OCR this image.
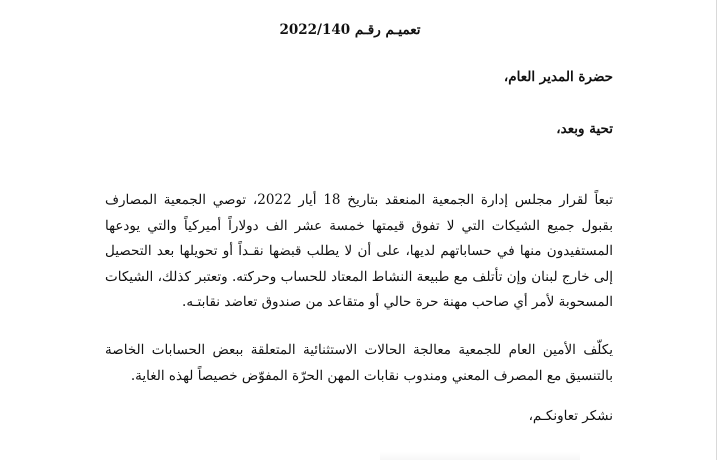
تعميـم رقـم 2022/140
حضرة المدير العام،
تحية وبعد،

تبعاً لقرار مجلس إدارة الجمعية المنعقد بتاريخ 18 أيار 2022، توصي الجمعية المصارف بقبول جميع الشيكات التي لا تفوق قيمتها خمسة عشر الف دولاراً أميركياً والتي يودعها المستفيدون منها في حساباتهم لديها، على أن لا يطلب قبضها نقـداً أو تحويلها بعد التحصيل إلى خارج لبنان وإن تأتلف مع طبيعة النشاط المعتاد للحساب وحركته. وتعتبر كذلك، الشيكات المسحوبة لأمر أي صاحب مهنة حرة حالي أو متقاعد من صندوق تعاضد نقابتـه.

يكلّف الأمين العام للجمعية معالجة الحالات الاستثنائية المتعلقة ببعض الحسابات الخاصة بالتنسيق مع المصرف المعني ومندوب نقابات المهن الحرّة المفوّض خصيصاً لهذه الغاية.

نشكر تعاونكـم،
